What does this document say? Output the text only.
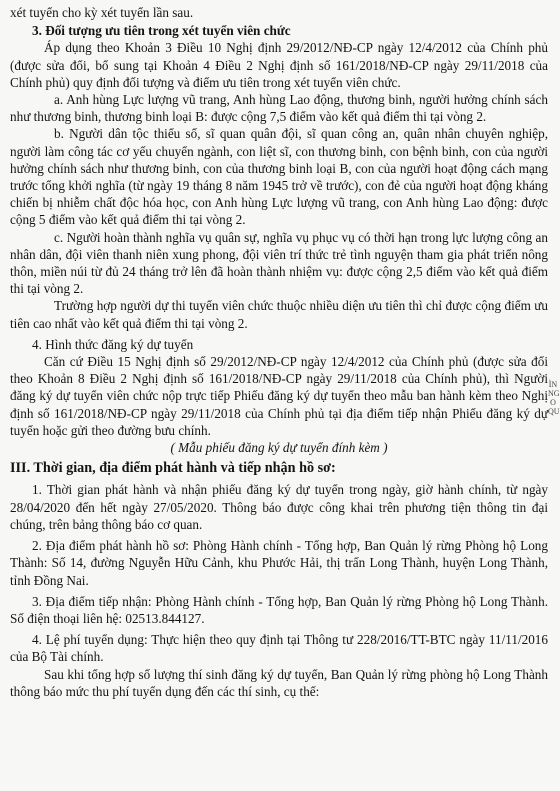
xét tuyển cho kỳ xét tuyển lần sau.

3. Đối tượng ưu tiên trong xét tuyển viên chức

Áp dụng theo Khoản 3 Điều 10 Nghị định 29/2012/NĐ-CP ngày 12/4/2012 của Chính phủ (được sửa đổi, bổ sung tại Khoản 4 Điều 2 Nghị định số 161/2018/NĐ-CP ngày 29/11/2018 của Chính phủ) quy định đối tượng và điểm ưu tiên trong xét tuyển viên chức.

a. Anh hùng Lực lượng vũ trang, Anh hùng Lao động, thương binh, người hưởng chính sách như thương binh, thương binh loại B: được cộng 7,5 điểm vào kết quả điểm thi tại vòng 2.

b. Người dân tộc thiểu số, sĩ quan quân đội, sĩ quan công an, quân nhân chuyên nghiệp, người làm công tác cơ yếu chuyển ngành, con liệt sĩ, con thương binh, con bệnh binh, con của người hưởng chính sách như thương binh, con của thương binh loại B, con của người hoạt động cách mạng trước tổng khởi nghĩa (từ ngày 19 tháng 8 năm 1945 trở về trước), con đẻ của người hoạt động kháng chiến bị nhiễm chất độc hóa học, con Anh hùng Lực lượng vũ trang, con Anh hùng Lao động: được cộng 5 điểm vào kết quả điểm thi tại vòng 2.

c. Người hoàn thành nghĩa vụ quân sự, nghĩa vụ phục vụ có thời hạn trong lực lượng công an nhân dân, đội viên thanh niên xung phong, đội viên trí thức trẻ tình nguyện tham gia phát triển nông thôn, miền núi từ đủ 24 tháng trở lên đã hoàn thành nhiệm vụ: được cộng 2,5 điểm vào kết quả điểm thi tại vòng 2.

Trường hợp người dự thi tuyển viên chức thuộc nhiều diện ưu tiên thì chỉ được cộng điểm ưu tiên cao nhất vào kết quả điểm thi tại vòng 2.

4. Hình thức đăng ký dự tuyển

Căn cứ Điều 15 Nghị định số 29/2012/NĐ-CP ngày 12/4/2012 của Chính phủ (được sửa đổi theo Khoản 8 Điều 2 Nghị định số 161/2018/NĐ-CP ngày 29/11/2018 của Chính phủ), thì Người đăng ký dự tuyển viên chức nộp trực tiếp Phiếu đăng ký dự tuyển theo mẫu ban hành kèm theo Nghị định số 161/2018/NĐ-CP ngày 29/11/2018 của Chính phủ tại địa điểm tiếp nhận Phiếu đăng ký dự tuyển hoặc gửi theo đường bưu chính.

( Mẫu phiếu đăng ký dự tuyển đính kèm )

III. Thời gian, địa điểm phát hành và tiếp nhận hồ sơ:

1. Thời gian phát hành và nhận phiếu đăng ký dự tuyển trong ngày, giờ hành chính, từ ngày 28/04/2020 đến hết ngày 27/05/2020. Thông báo được công khai trên phương tiện thông tin đại chúng, trên bảng thông báo cơ quan.

2. Địa điểm phát hành hồ sơ: Phòng Hành chính - Tổng hợp, Ban Quản lý rừng Phòng hộ Long Thành: Số 14, đường Nguyễn Hữu Cảnh, khu Phước Hải, thị trấn Long Thành, huyện Long Thành, tỉnh Đồng Nai.

3. Địa điểm tiếp nhận: Phòng Hành chính - Tổng hợp, Ban Quản lý rừng Phòng hộ Long Thành. Số điện thoại liên hệ: 02513.844127.

4. Lệ phí tuyển dụng: Thực hiện theo quy định tại Thông tư 228/2016/TT-BTC ngày 11/11/2016 của Bộ Tài chính.

Sau khi tổng hợp số lượng thí sinh đăng ký dự tuyển, Ban Quản lý rừng phòng hộ Long Thành thông báo mức thu phí tuyển dụng đến các thí sinh, cụ thể:

ÌN NG O QU
